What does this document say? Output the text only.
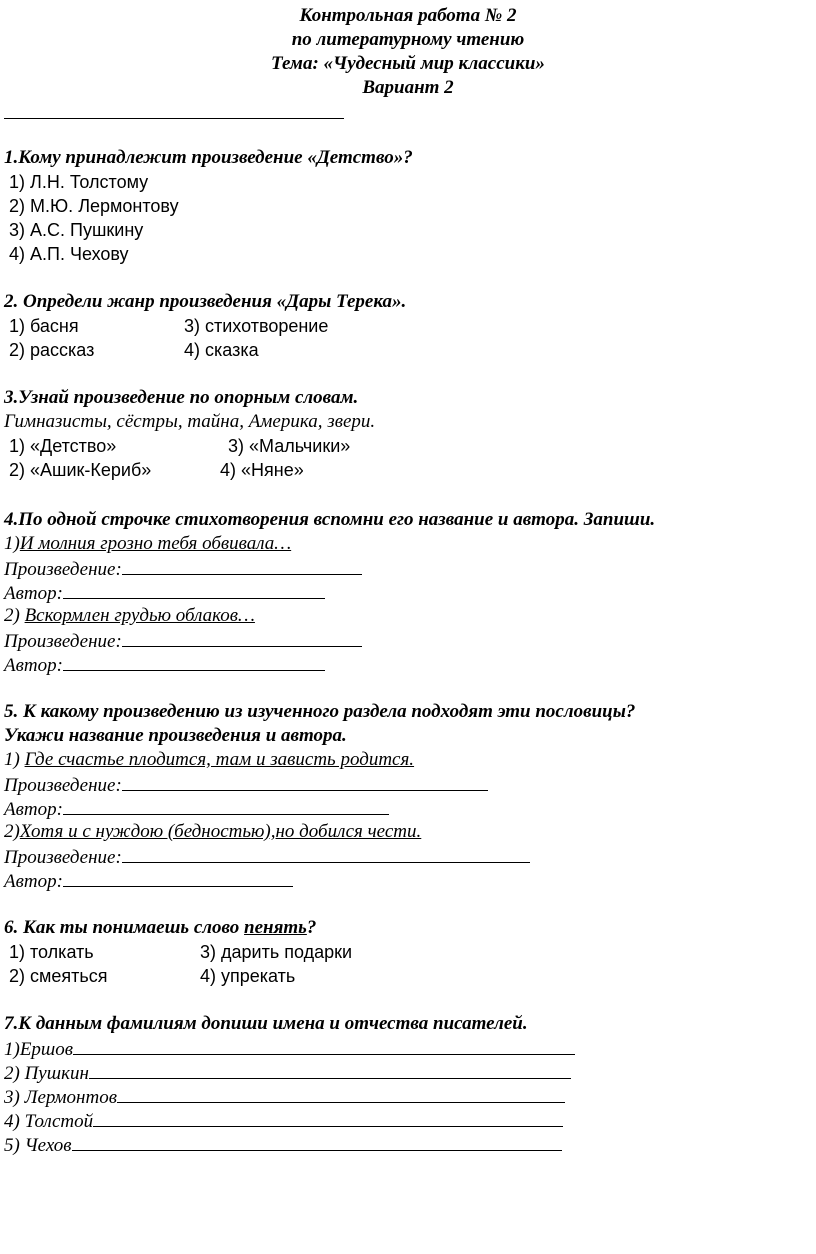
Контрольная работа № 2
по литературному чтению
Тема: «Чудесный мир классики»
Вариант 2
1.Кому принадлежит произведение «Детство»?
1) Л.Н. Толстому
2) М.Ю. Лермонтову
3) А.С. Пушкину
4) А.П. Чехову
2. Определи жанр произведения «Дары Терека».
1) басня	3) стихотворение
2) рассказ	4) сказка
3.Узнай произведение по опорным словам.
Гимназисты, сёстры, тайна, Америка, звери.
1) «Детство»	3) «Мальчики»
2) «Ашик-Кериб»	4) «Няне»
4.По одной строчке стихотворения вспомни его название и автора. Запиши.
1)И молния грозно тебя обвивала…
Произведение:
Автор:
2) Вскормлен грудью облаков…
Произведение:
Автор:
5. К какому произведению из изученного раздела подходят эти пословицы?
Укажи название произведения и автора.
1) Где счастье плодится, там и зависть родится.
Произведение:
Автор:
2)Хотя и с нуждою (бедностью),но добился чести.
Произведение:
Автор:
6. Как ты понимаешь слово пенять?
1) толкать	3) дарить подарки
2) смеяться	4) упрекать
7.К данным фамилиям допиши имена и отчества писателей.
1)Ершов
2) Пушкин
3) Лермонтов
4) Толстой
5) Чехов
